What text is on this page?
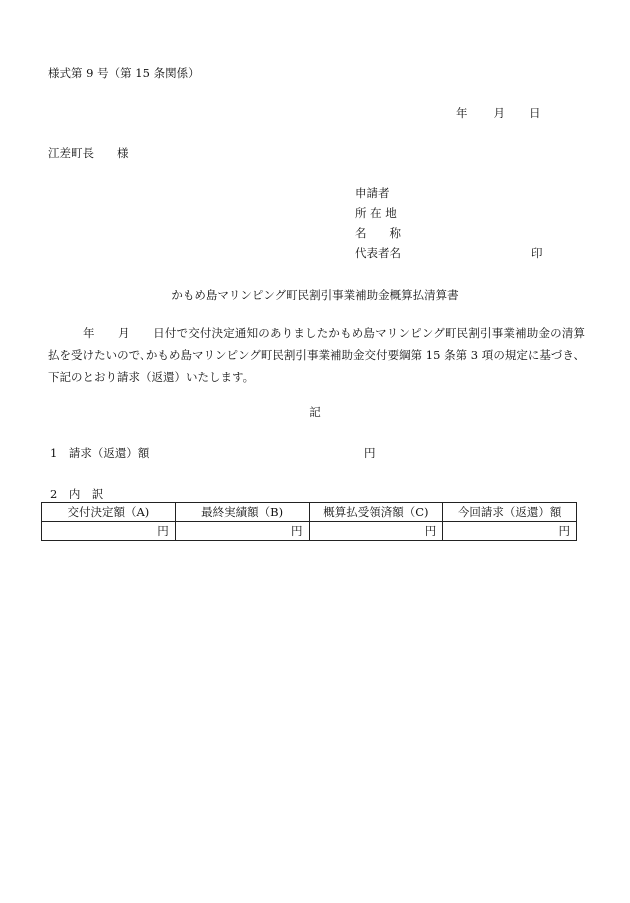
様式第 9 号（第 15 条関係）
年 月 日
江差町長　　様
申請者
所 在 地
名　　称
代表者名	印
かもめ島マリンピング町民割引事業補助金概算払清算書
　　　年　　月　　日付で交付決定通知のありましたかもめ島マリンピング町民割引事業補助金の清算払を受けたいので､かもめ島マリンピング町民割引事業補助金交付要綱第 15 条第 3 項の規定に基づき、下記のとおり請求（返還）いたします。
記
1　請求（返還）額	円
2　内　訳
交付決定額（A)	最終実績額（B)	概算払受領済額（C)	今回請求（返還）額
円	円	円	円
